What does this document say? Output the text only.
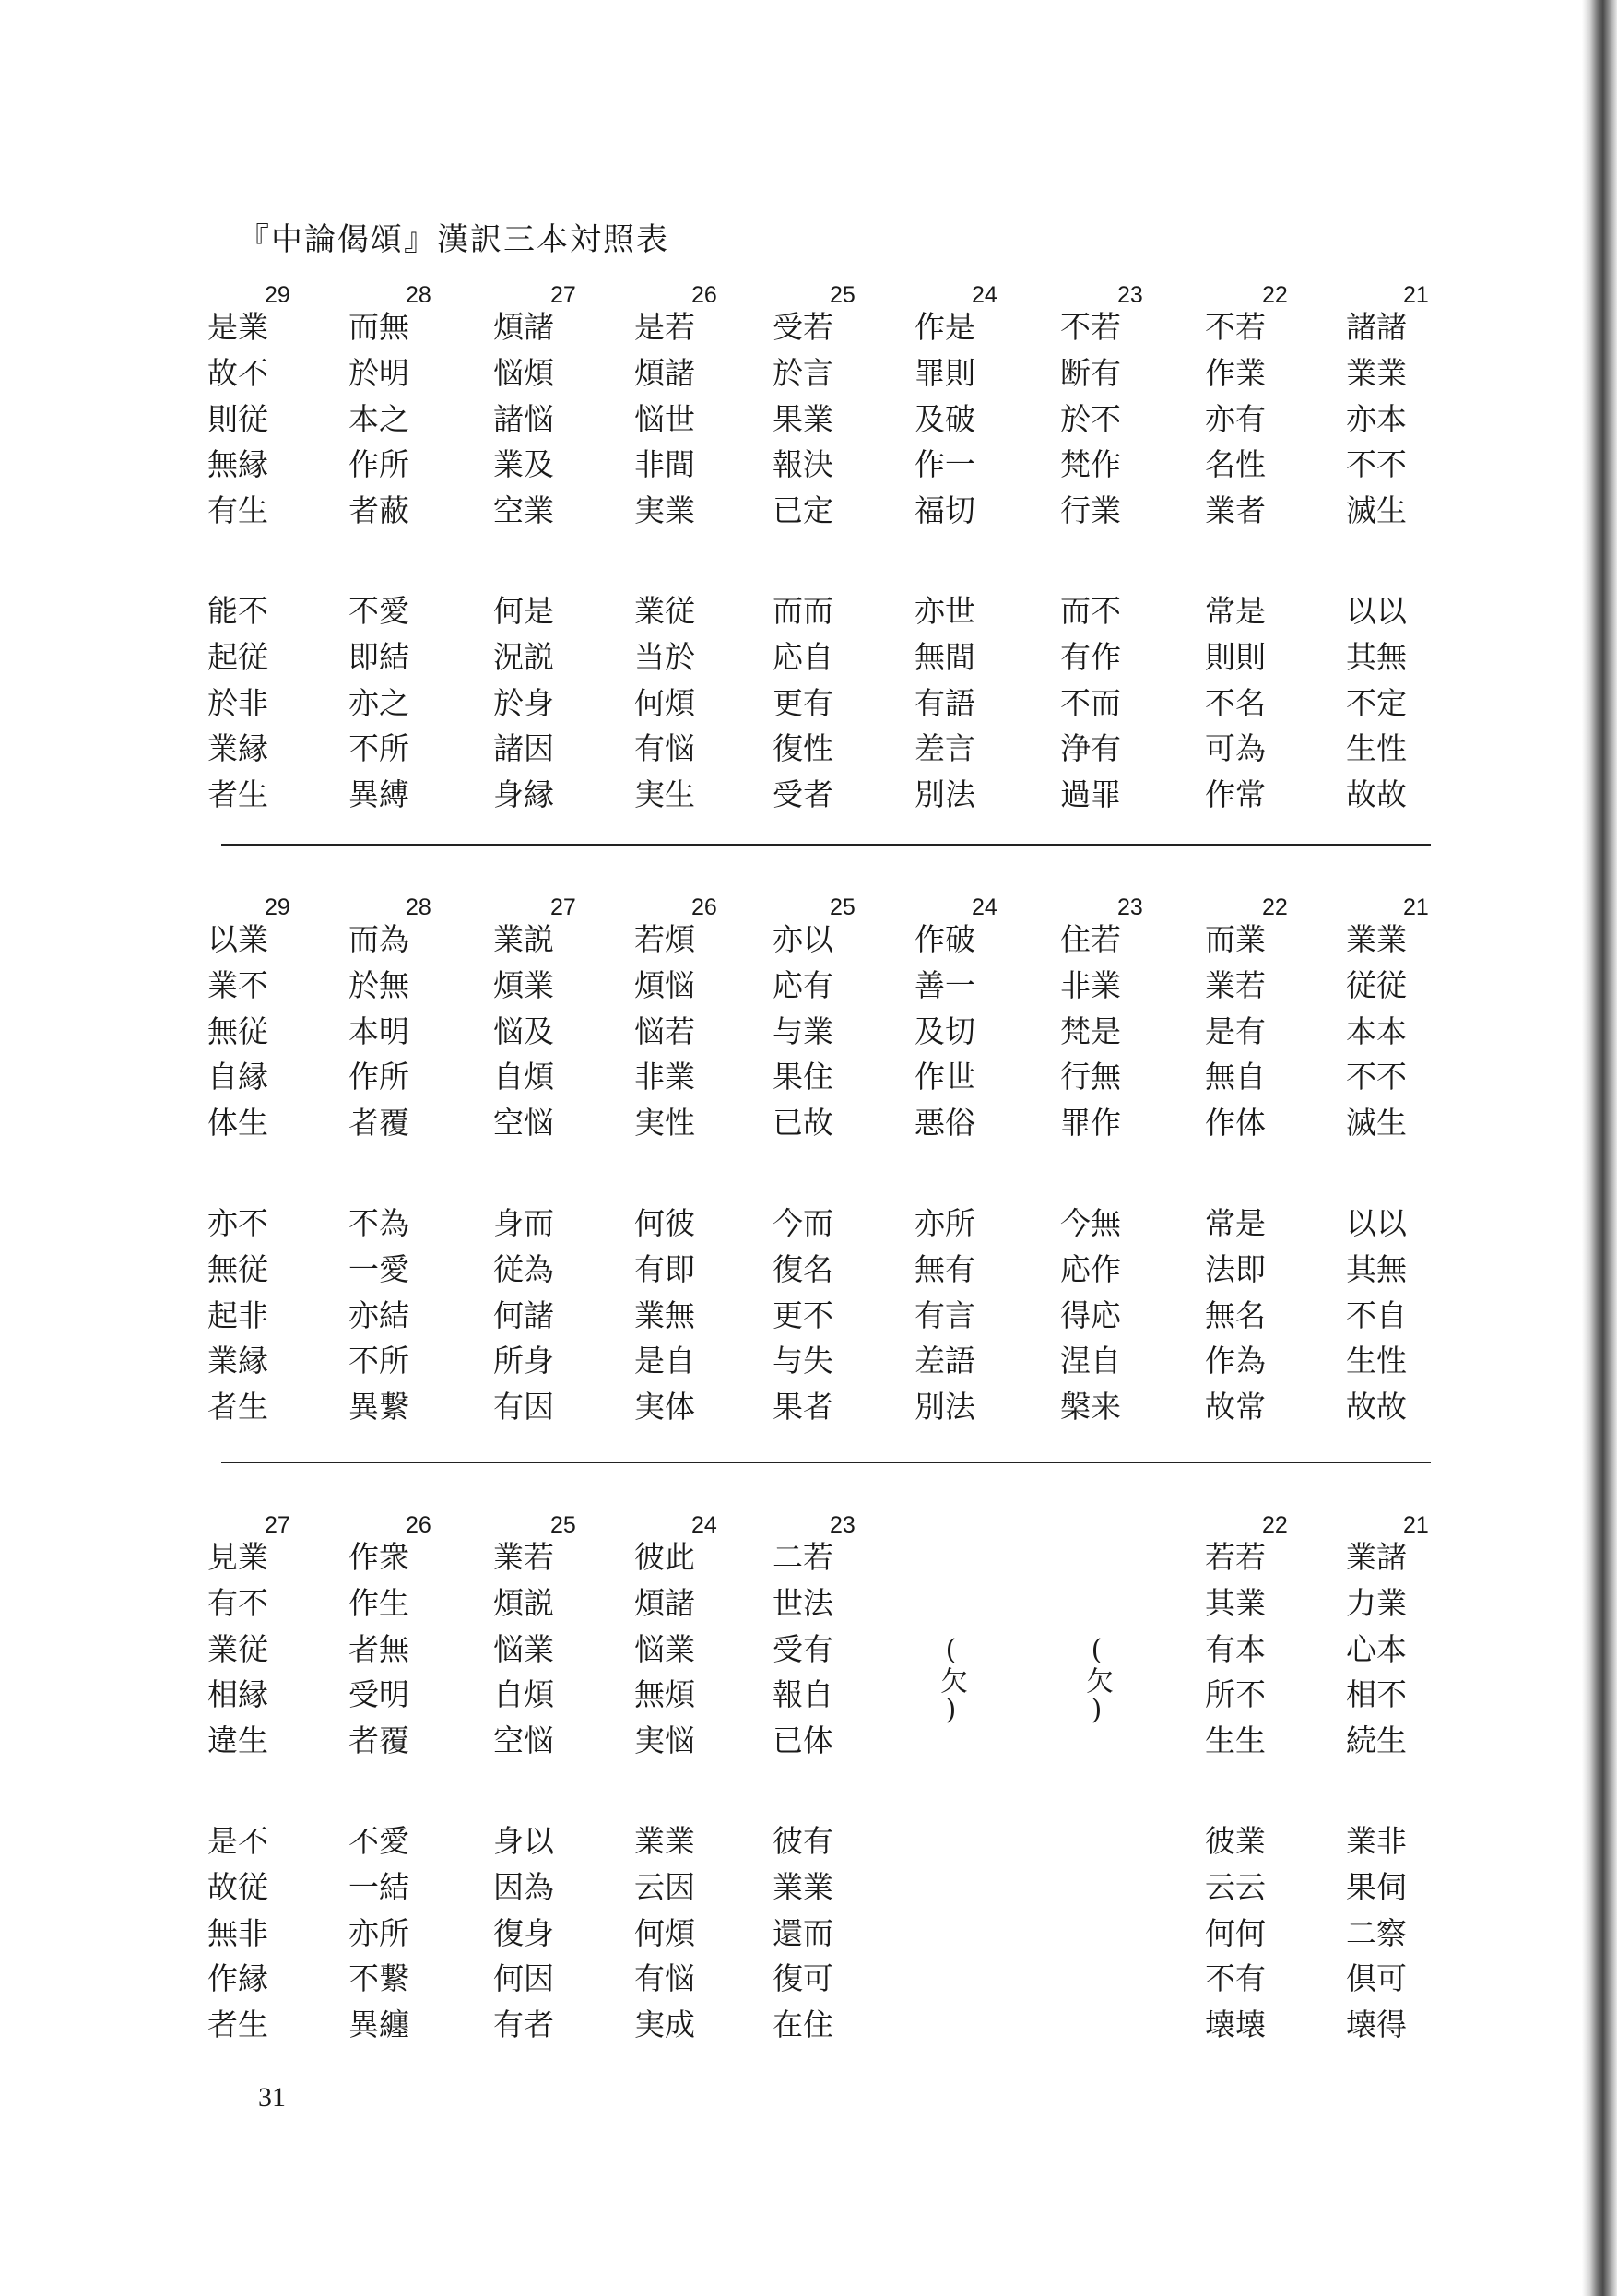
『中論偈頌』漢訳三本対照表
21
諸諸
業業
亦本
不不
滅生
以以
其無
不定
生性
故故
22
不若
作業
亦有
名性
業者
常是
則則
不名
可為
作常
23
不若
断有
於不
梵作
行業
而不
有作
不而
浄有
過罪
24
作是
罪則
及破
作一
福切
亦世
無間
有語
差言
別法
25
受若
於言
果業
報決
已定
而而
応自
更有
復性
受者
26
是若
煩諸
悩世
非間
実業
業従
当於
何煩
有悩
実生
27
煩諸
悩煩
諸悩
業及
空業
何是
況説
於身
諸因
身縁
28
而無
於明
本之
作所
者蔽
不愛
即結
亦之
不所
異縛
29
是業
故不
則従
無縁
有生
能不
起従
於非
業縁
者生
21
業業
従従
本本
不不
滅生
以以
其無
不自
生性
故故
22
而業
業若
是有
無自
作体
常是
法即
無名
作為
故常
23
住若
非業
梵是
行無
罪作
今無
応作
得応
涅自
槃来
24
作破
善一
及切
作世
悪俗
亦所
無有
有言
差語
別法
25
亦以
応有
与業
果住
已故
今而
復名
更不
与失
果者
26
若煩
煩悩
悩若
非業
実性
何彼
有即
業無
是自
実体
27
業説
煩業
悩及
自煩
空悩
身而
従為
何諸
所身
有因
28
而為
於無
本明
作所
者覆
不為
一愛
亦結
不所
異繋
29
以業
業不
無従
自縁
体生
亦不
無従
起非
業縁
者生
21
業諸
力業
心本
相不
続生
業非
果伺
二察
倶可
壊得
22
若若
其業
有本
所不
生生
彼業
云云
何何
不有
壊壊
(欠)
(欠)
23
二若
世法
受有
報自
已体
彼有
業業
還而
復可
在住
24
彼此
煩諸
悩業
無煩
実悩
業業
云因
何煩
有悩
実成
25
業若
煩説
悩業
自煩
空悩
身以
因為
復身
何因
有者
26
作衆
作生
者無
受明
者覆
不愛
一結
亦所
不繋
異纏
27
見業
有不
業従
相縁
違生
是不
故従
無非
作縁
者生
31
